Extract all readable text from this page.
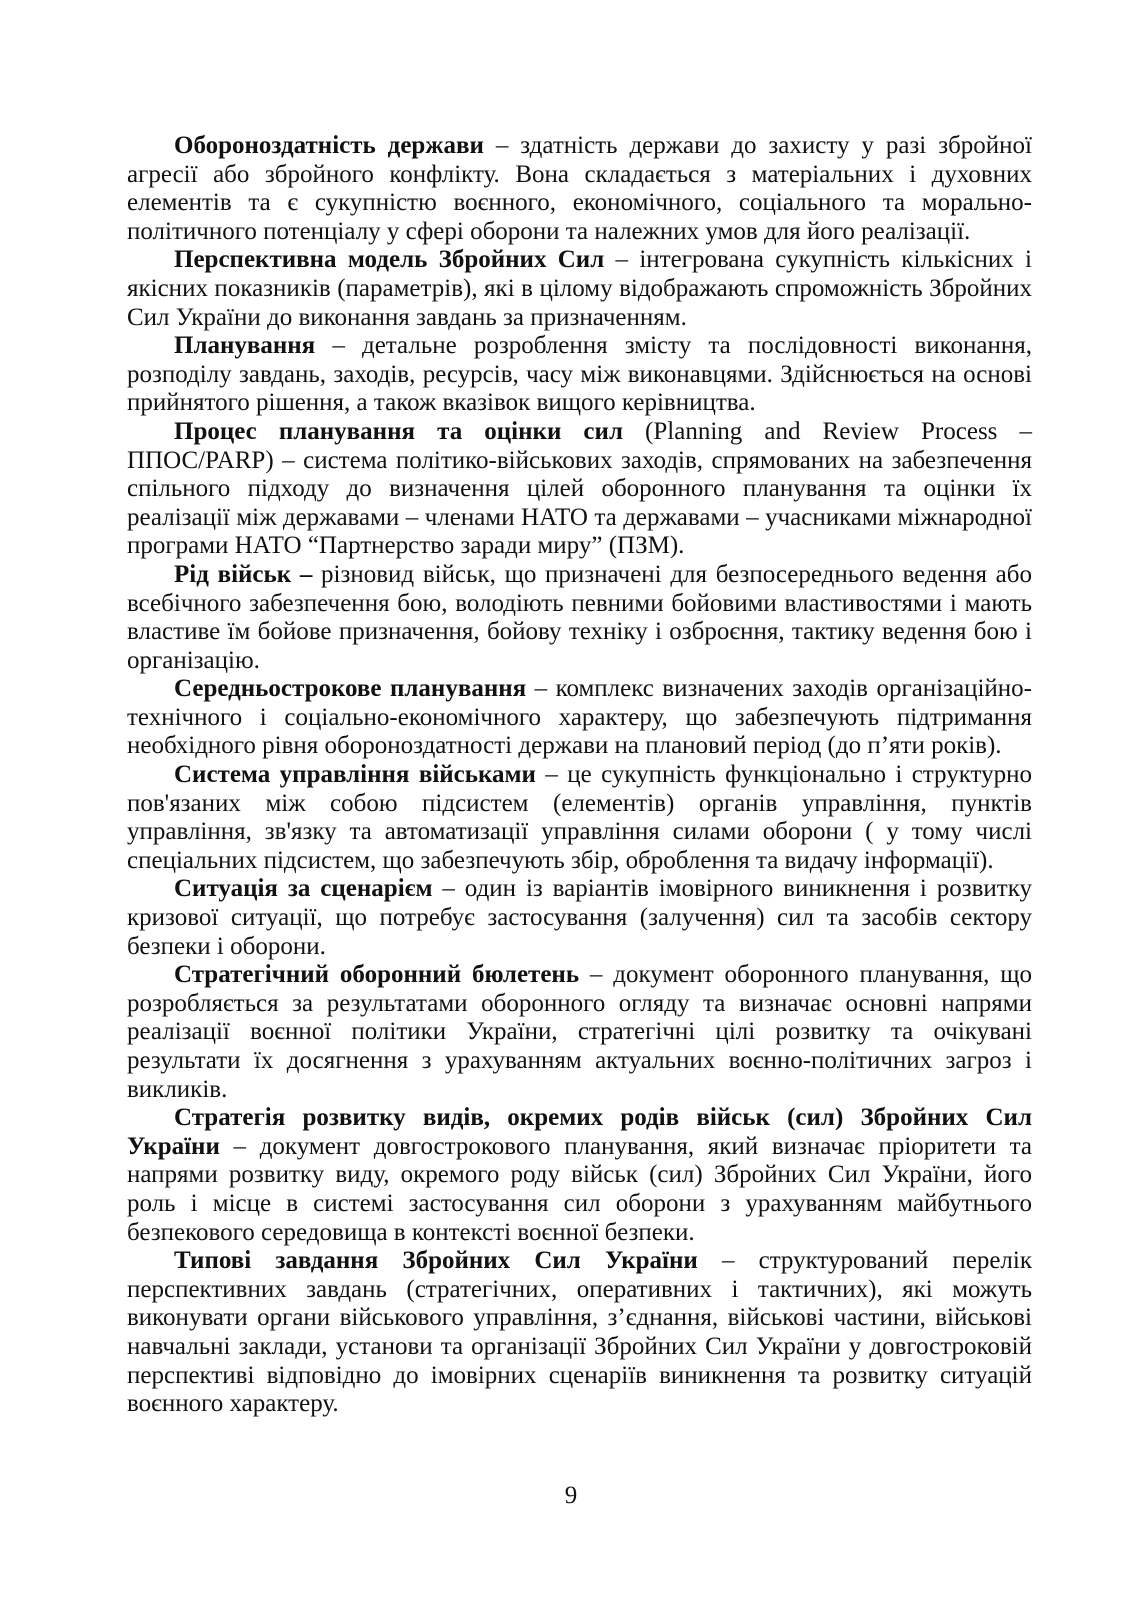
Обороноздатність держави – здатність держави до захисту у разі збройної агресії або збройного конфлікту. Вона складається з матеріальних і духовних елементів та є сукупністю воєнного, економічного, соціального та морально-політичного потенціалу у сфері оборони та належних умов для його реалізації.

Перспективна модель Збройних Сил – інтегрована сукупність кількісних і якісних показників (параметрів), які в цілому відображають спроможність Збройних Сил України до виконання завдань за призначенням.

Планування – детальне розроблення змісту та послідовності виконання, розподілу завдань, заходів, ресурсів, часу між виконавцями. Здійснюється на основі прийнятого рішення, а також вказівок вищого керівництва.

Процес планування та оцінки сил (Planning and Review Process – ППОС/PARP) – система політико-військових заходів, спрямованих на забезпечення спільного підходу до визначення цілей оборонного планування та оцінки їх реалізації між державами – членами НАТО та державами – учасниками міжнародної програми НАТО “Партнерство заради миру” (ПЗМ).

Рід військ – різновид військ, що призначені для безпосереднього ведення або всебічного забезпечення бою, володіють певними бойовими властивостями і мають властиве їм бойове призначення, бойову техніку і озброєння, тактику ведення бою і організацію.

Середньострокове планування – комплекс визначених заходів організаційно-технічного і соціально-економічного характеру, що забезпечують підтримання необхідного рівня обороноздатності держави на плановий період (до п’яти років).

Система управління військами – це сукупність функціонально і структурно пов'язаних між собою підсистем (елементів) органів управління, пунктів управління, зв'язку та автоматизації управління силами оборони ( у тому числі спеціальних підсистем, що забезпечують збір, оброблення та видачу інформації).

Ситуація за сценарієм – один із варіантів імовірного виникнення і розвитку кризової ситуації, що потребує застосування (залучення) сил та засобів сектору безпеки і оборони.

Стратегічний оборонний бюлетень – документ оборонного планування, що розробляється за результатами оборонного огляду та визначає основні напрями реалізації воєнної політики України, стратегічні цілі розвитку та очікувані результати їх досягнення з урахуванням актуальних воєнно-політичних загроз і викликів.

Стратегія розвитку видів, окремих родів військ (сил) Збройних Сил України – документ довгострокового планування, який визначає пріоритети та напрями розвитку виду, окремого роду військ (сил) Збройних Сил України, його роль і місце в системі застосування сил оборони з урахуванням майбутнього безпекового середовища в контексті воєнної безпеки.

Типові завдання Збройних Сил України – структурований перелік перспективних завдань (стратегічних, оперативних і тактичних), які можуть виконувати органи військового управління, з’єднання, військові частини, військові навчальні заклади, установи та організації Збройних Сил України у довгостроковій перспективі відповідно до імовірних сценаріїв виникнення та розвитку ситуацій воєнного характеру.

9
